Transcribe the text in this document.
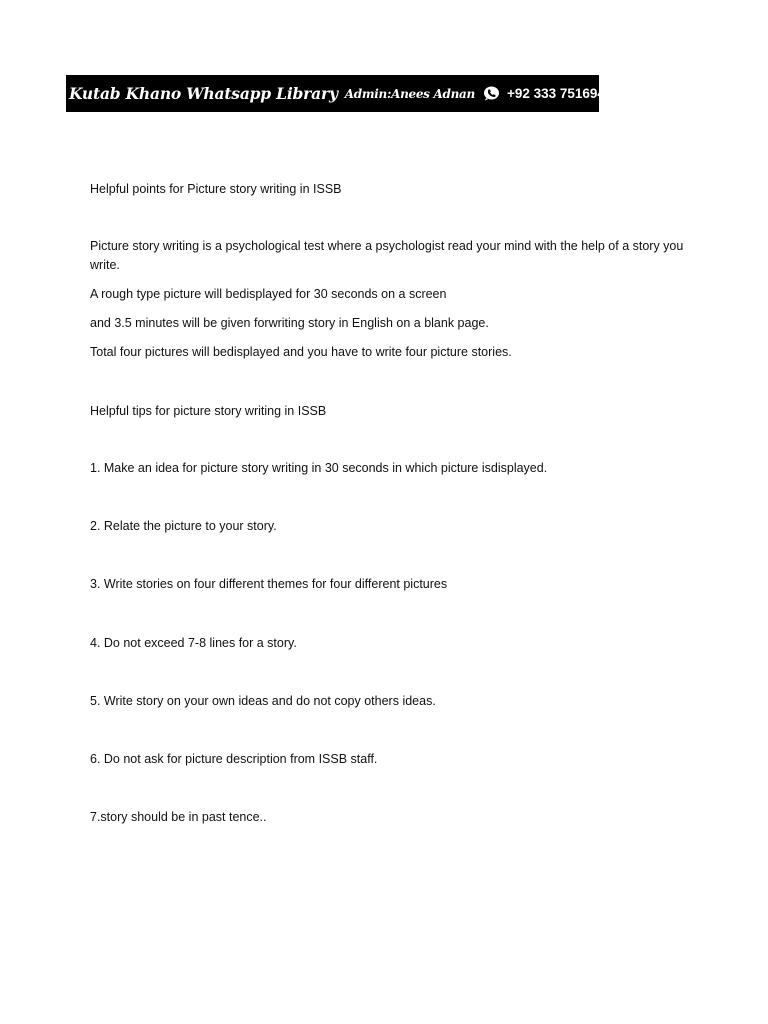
Kutab Khano Whatsapp Library Admin:Anees Adnan +92 333 7516944
Helpful points for Picture story writing in ISSB
Picture story writing is a psychological test where a psychologist read your mind with the help of a story you write.
A rough type picture will bedisplayed for 30 seconds on a screen
and 3.5 minutes will be given forwriting story in English on a blank page.
Total four pictures will bedisplayed and you have to write four picture stories.
Helpful tips for picture story writing in ISSB
1. Make an idea for picture story writing in 30 seconds in which picture isdisplayed.
2. Relate the picture to your story.
3. Write stories on four different themes for four different pictures
4. Do not exceed 7-8 lines for a story.
5. Write story on your own ideas and do not copy others ideas.
6. Do not ask for picture description from ISSB staff.
7.story should be in past tence..
